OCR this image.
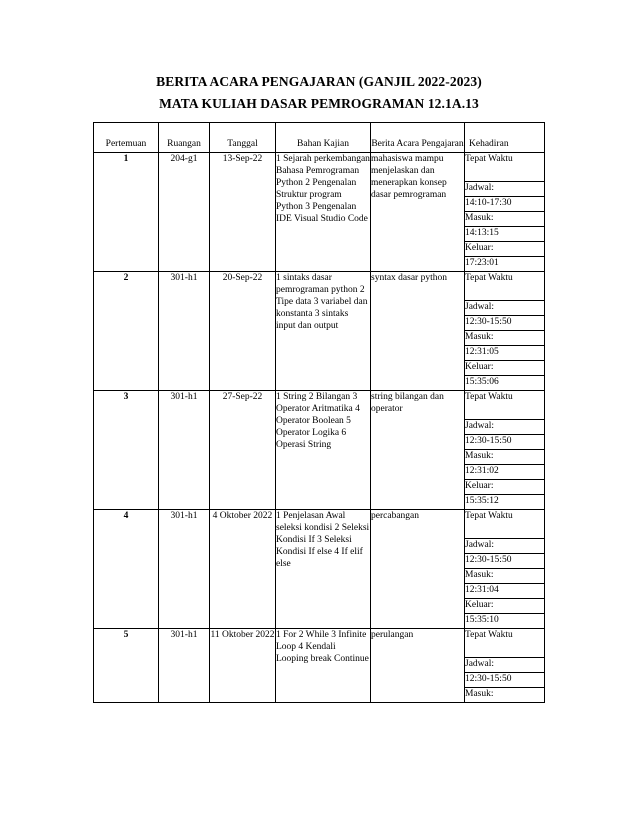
BERITA ACARA PENGAJARAN (GANJIL 2022-2023)
MATA KULIAH DASAR PEMROGRAMAN 12.1A.13
Pertemuan	Ruangan	Tanggal	Bahan Kajian	Berita Acara Pengajaran	Kehadiran
1	204-g1	13-Sep-22	1 Sejarah perkembangan Bahasa Pemrograman Python 2 Pengenalan Struktur program Python 3 Pengenalan IDE Visual Studio Code	mahasiswa mampu menjelaskan dan menerapkan konsep dasar pemrograman	Tepat Waktu
					Jadwal:
					14:10-17:30
					Masuk:
					14:13:15
					Keluar:
					17:23:01
2	301-h1	20-Sep-22	1 sintaks dasar pemrograman python 2 Tipe data 3 variabel dan konstanta 3 sintaks input dan output	syntax dasar python	Tepat Waktu
					Jadwal:
					12:30-15:50
					Masuk:
					12:31:05
					Keluar:
					15:35:06
3	301-h1	27-Sep-22	1 String 2 Bilangan 3 Operator Aritmatika 4 Operator Boolean 5 Operator Logika 6 Operasi String	string bilangan dan operator	Tepat Waktu
					Jadwal:
					12:30-15:50
					Masuk:
					12:31:02
					Keluar:
					15:35:12
4	301-h1	4 Oktober 2022	1 Penjelasan Awal seleksi kondisi 2 Seleksi Kondisi If 3 Seleksi Kondisi If else 4 If elif else	percabangan	Tepat Waktu
					Jadwal:
					12:30-15:50
					Masuk:
					12:31:04
					Keluar:
					15:35:10
5	301-h1	11 Oktober 2022	1 For 2 While 3 Infinite Loop 4 Kendali Looping break Continue	perulangan	Tepat Waktu
					Jadwal:
					12:30-15:50
					Masuk:
